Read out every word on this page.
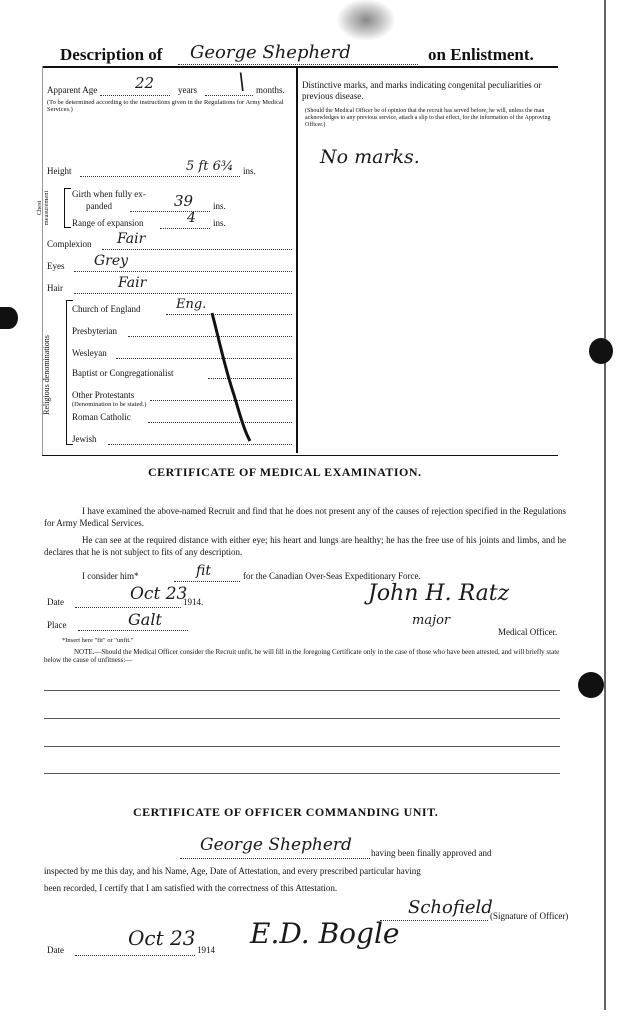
Description of George Shepherd	on Enlistment.
Apparent Age	22	years \ months.
(To be determined according to the instructions given in the Regulations for Army Medical Services.)
Height	5 ft 6¾ ins.
Chest measurement Girth when fully ex-
panded	39 ins.
Range of expansion	4 ins.
Complexion Fair
Eyes Grey
Hair	Fair
Religious denominations
Church of England	Eng.
Presbyterian
Wesleyan
Baptist or Congregationalist
Other Protestants
(Denomination to be stated.)
Roman Catholic
Jewish
Distinctive marks, and marks indicating congenital peculiarities or previous disease.
(Should the Medical Officer be of opinion that the recruit has served before, he will, unless the man acknowledges to any previous service, attach a slip to that effect, for the information of the Approving Officer.)
No marks.
CERTIFICATE OF MEDICAL EXAMINATION.
I have examined the above-named Recruit and find that he does not present any of the causes of rejection specified in the Regulations for Army Medical Services.
He can see at the required distance with either eye; his heart and lungs are healthy; he has the free use of his joints and limbs, and he declares that he is not subject to fits of any description.
I consider him*	fit	for the Canadian Over-Seas Expeditionary Force.
Date	Oct 23
1914.	John H. Ratz
major
Place	Galt
Medical Officer.
*Insert here "fit" or "unfit."
NOTE.—Should the Medical Officer consider the Recruit unfit, he will fill in the foregoing Certificate only in the case of those who have been attested, and will briefly state below the cause of unfitness:—
CERTIFICATE OF OFFICER COMMANDING UNIT.
George Shepherd having been finally approved and
inspected by me this day, and his Name, Age, Date of Attestation, and every prescribed particular having
been recorded, I certify that I am satisfied with the correctness of this Attestation.
Schofield
(Signature of Officer)
Date	Oct 23 1914 E.D. Bogle
